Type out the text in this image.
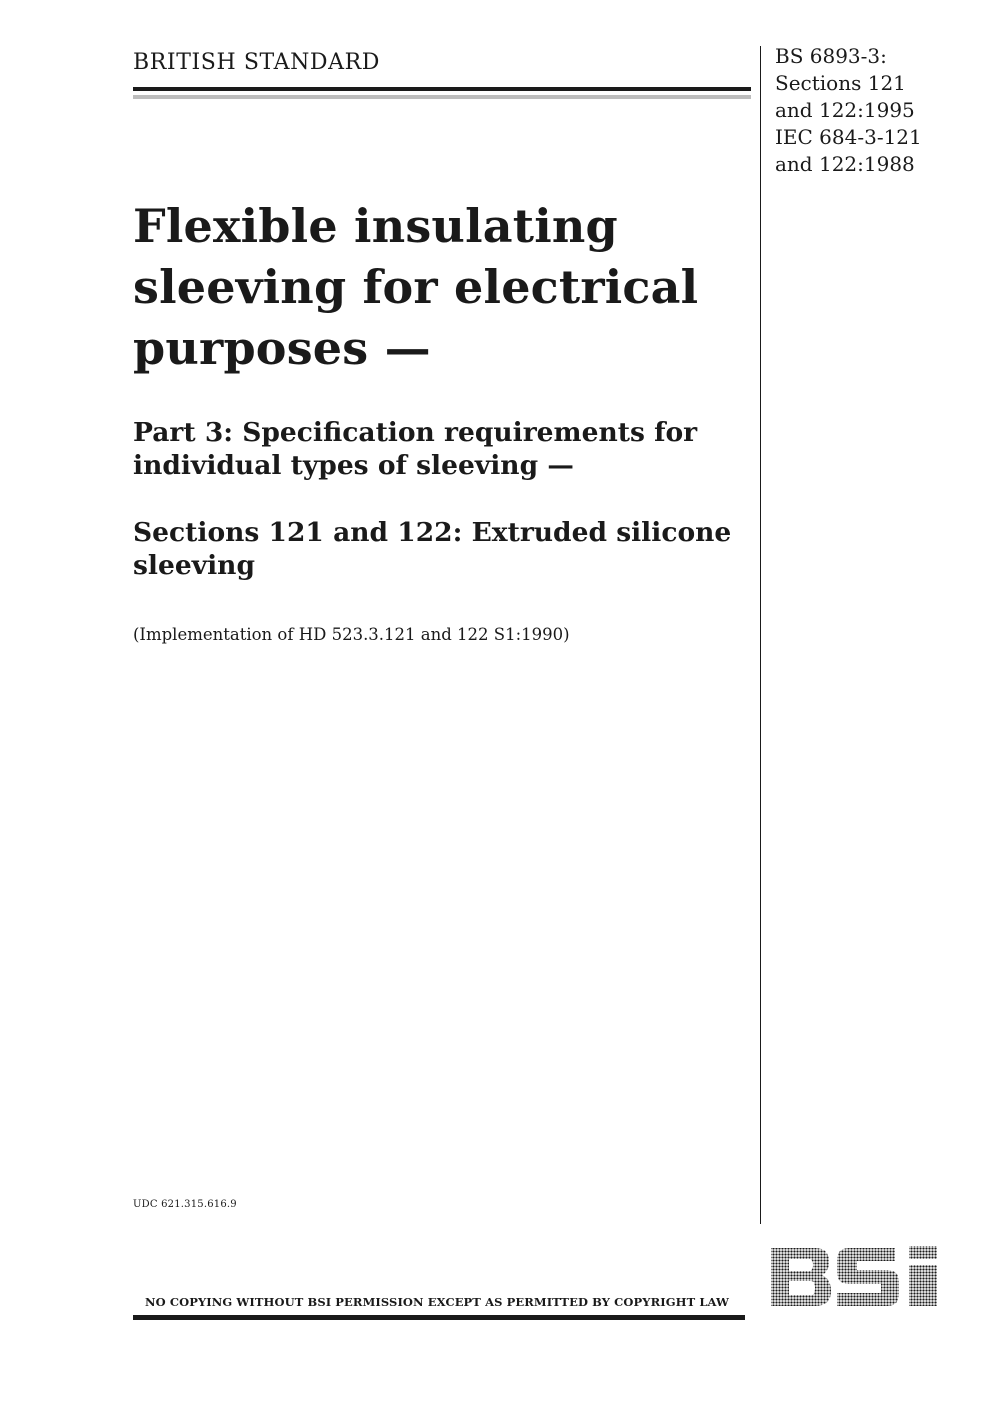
BRITISH STANDARD	BS 6893-3:
Sections 121
and 122:1995
IEC 684-3-121
and 122:1988
Flexible insulating
sleeving for electrical
purposes —
Part 3: Specification requirements for
individual types of sleeving —
Sections 121 and 122: Extruded silicone
sleeving
(Implementation of HD 523.3.121 and 122 S1:1990)
UDC 621.315.616.9
NO COPYING WITHOUT BSI PERMISSION EXCEPT AS PERMITTED BY COPYRIGHT LAW
